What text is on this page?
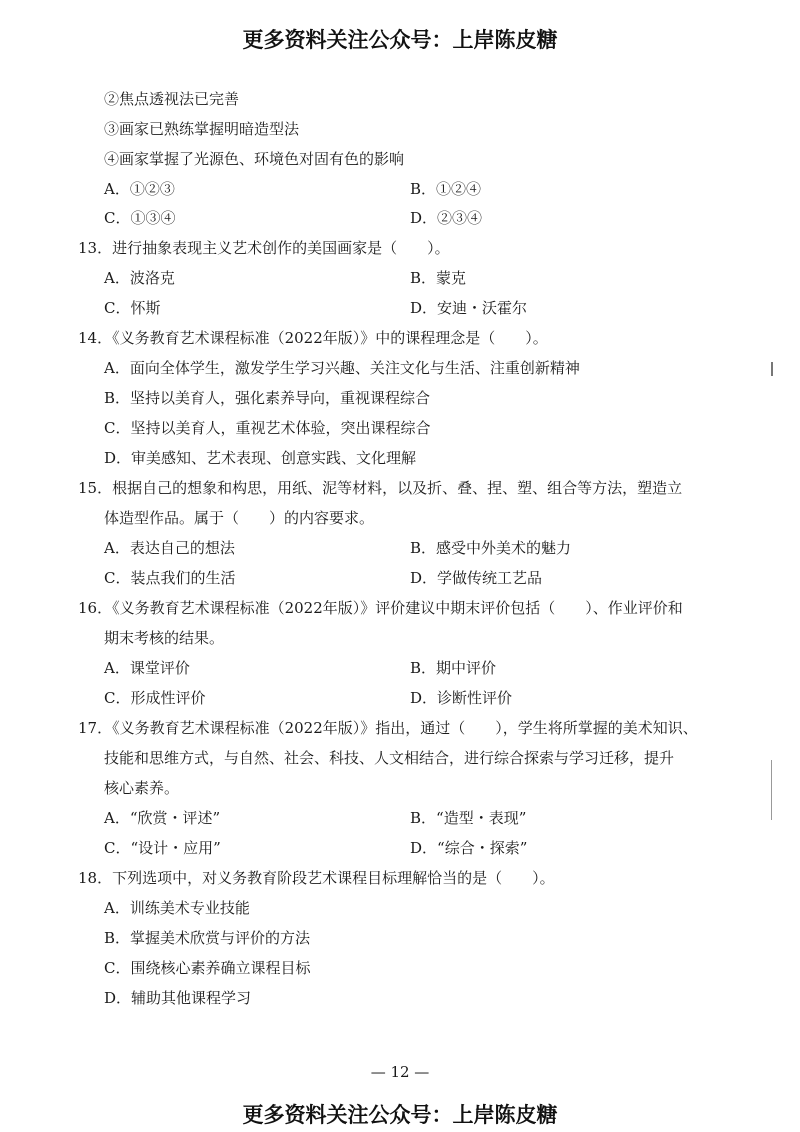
更多资料关注公众号：上岸陈皮糖
②焦点透视法已完善
③画家已熟练掌握明暗造型法
④画家掌握了光源色、环境色对固有色的影响
A．①②③	B．①②④
C．①③④	D．②③④
13．进行抽象表现主义艺术创作的美国画家是（　　）。
A．波洛克	B．蒙克
C．怀斯	D．安迪・沃霍尔
14．《义务教育艺术课程标准（2022年版）》中的课程理念是（　　）。
A．面向全体学生，激发学生学习兴趣、关注文化与生活、注重创新精神
B．坚持以美育人，强化素养导向，重视课程综合
C．坚持以美育人，重视艺术体验，突出课程综合
D．审美感知、艺术表现、创意实践、文化理解
15．根据自己的想象和构思，用纸、泥等材料，以及折、叠、捏、塑、组合等方法，塑造立
体造型作品。属于（　　）的内容要求。
A．表达自己的想法	B．感受中外美术的魅力
C．装点我们的生活	D．学做传统工艺品
16．《义务教育艺术课程标准（2022年版）》评价建议中期末评价包括（　　）、作业评价和
期末考核的结果。
A．课堂评价	B．期中评价
C．形成性评价	D．诊断性评价
17．《义务教育艺术课程标准（2022年版）》指出，通过（　　），学生将所掌握的美术知识、
技能和思维方式，与自然、社会、科技、人文相结合，进行综合探索与学习迁移，提升
核心素养。
A．“欣赏・评述”	B．“造型・表现”
C．“设计・应用”	D．“综合・探索”
18．下列选项中，对义务教育阶段艺术课程目标理解恰当的是（　　）。
A．训练美术专业技能
B．掌握美术欣赏与评价的方法
C．围绕核心素养确立课程目标
D．辅助其他课程学习
— 12 —
更多资料关注公众号：上岸陈皮糖
